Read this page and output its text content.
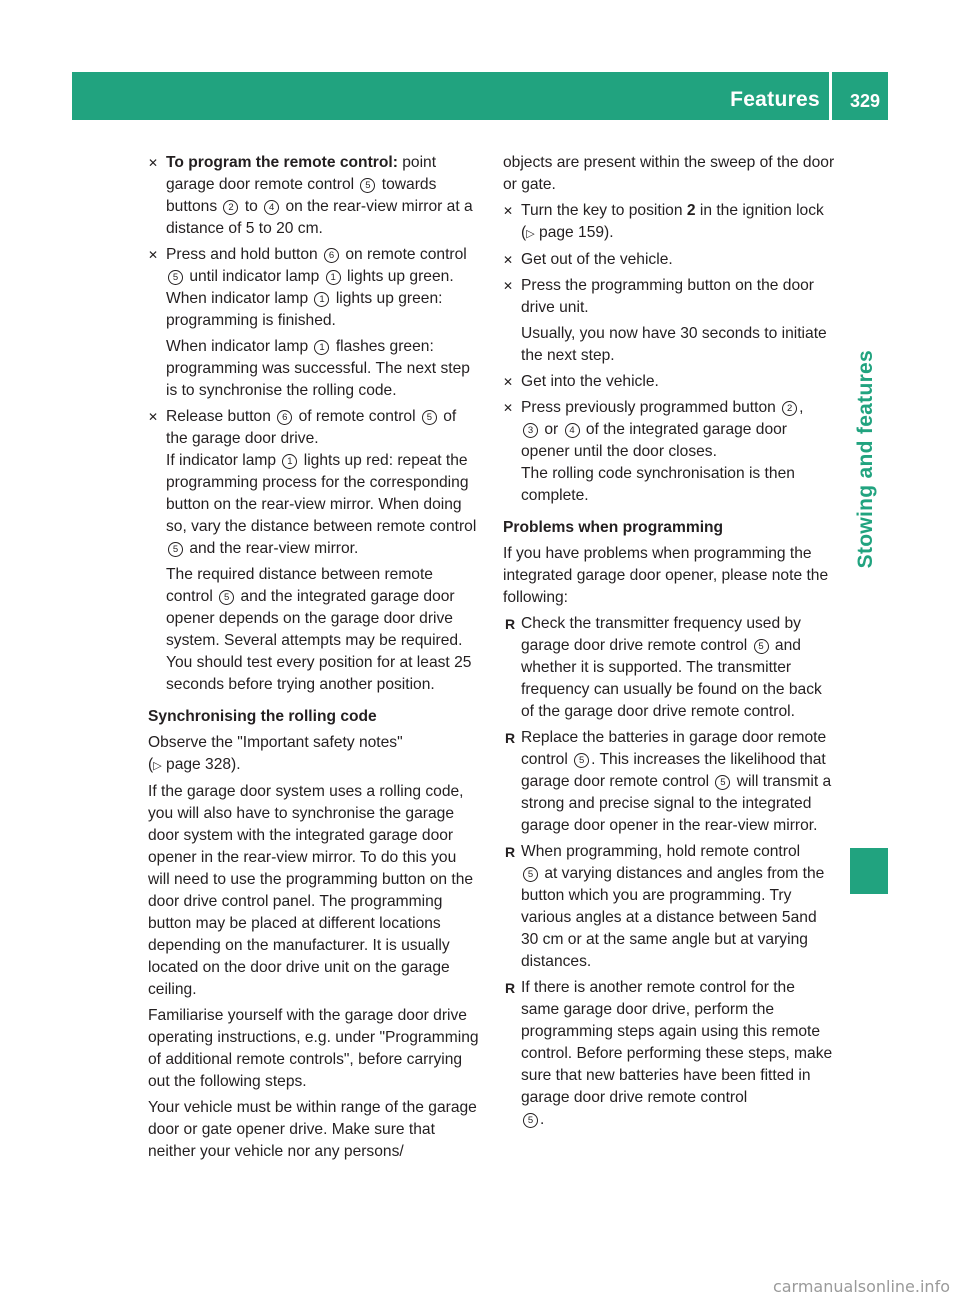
Features 329
Stowing and features

✕ To program the remote control: point garage door remote control 5 towards buttons 2 to 4 on the rear-view mirror at a distance of 5 to 20 cm.

✕ Press and hold button 6 on remote control 5 until indicator lamp 1 lights up green. When indicator lamp 1 lights up green: programming is finished.

When indicator lamp 1 flashes green: programming was successful. The next step is to synchronise the rolling code.

✕ Release button 6 of remote control 5 of the garage door drive.
If indicator lamp 1 lights up red: repeat the programming process for the corresponding button on the rear-view mirror. When doing so, vary the distance between remote control 5 and the rear-view mirror.

The required distance between remote control 5 and the integrated garage door opener depends on the garage door drive system. Several attempts may be required. You should test every position for at least 25 seconds before trying another position.

Synchronising the rolling code

Observe the "Important safety notes"
(▷ page 328).

If the garage door system uses a rolling code, you will also have to synchronise the garage door system with the integrated garage door opener in the rear-view mirror. To do this you will need to use the programming button on the door drive control panel. The programming button may be placed at different locations depending on the manufacturer. It is usually located on the door drive unit on the garage ceiling.

Familiarise yourself with the garage door drive operating instructions, e.g. under "Programming of additional remote controls", before carrying out the following steps.

Your vehicle must be within range of the garage door or gate opener drive. Make sure that neither your vehicle nor any persons/

objects are present within the sweep of the door or gate.

✕ Turn the key to position 2 in the ignition lock (▷ page 159).

✕ Get out of the vehicle.

✕ Press the programming button on the door drive unit.

Usually, you now have 30 seconds to initiate the next step.

✕ Get into the vehicle.

✕ Press previously programmed button 2 ,
3 or 4 of the integrated garage door opener until the door closes.
The rolling code synchronisation is then complete.

Problems when programming

If you have problems when programming the integrated garage door opener, please note the following:

R Check the transmitter frequency used by garage door drive remote control 5 and whether it is supported. The transmitter frequency can usually be found on the back of the garage door drive remote control.

R Replace the batteries in garage door remote control 5 . This increases the likelihood that garage door remote control 5 will transmit a strong and precise signal to the integrated garage door opener in the rear-view mirror.

R When programming, hold remote control
5 at varying distances and angles from the button which you are programming. Try various angles at a distance between 5and 30 cm or at the same angle but at varying distances.

R If there is another remote control for the same garage door drive, perform the programming steps again using this remote control. Before performing these steps, make sure that new batteries have been fitted in garage door drive remote control
5 .

carmanualsonline.info
